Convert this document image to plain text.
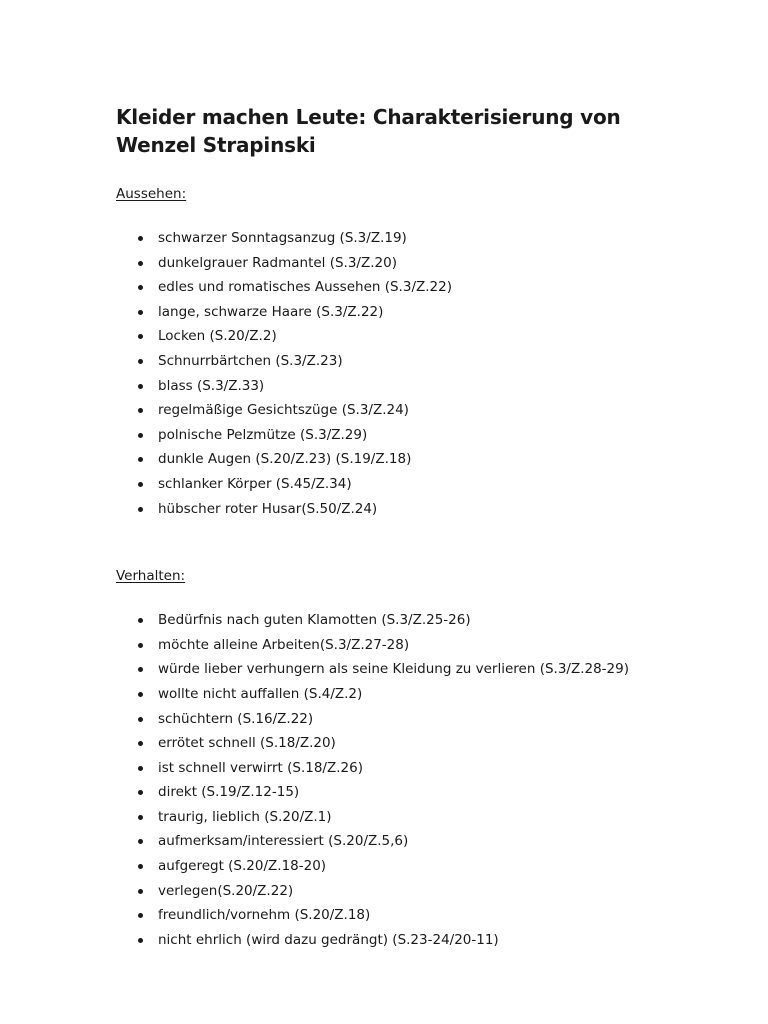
Kleider machen Leute: Charakterisierung von Wenzel Strapinski

Aussehen:

schwarzer Sonntagsanzug (S.3/Z.19)
dunkelgrauer Radmantel (S.3/Z.20)
edles und romatisches Aussehen (S.3/Z.22)
lange, schwarze Haare (S.3/Z.22)
Locken (S.20/Z.2)
Schnurrbärtchen (S.3/Z.23)
blass (S.3/Z.33)
regelmäßige Gesichtszüge (S.3/Z.24)
polnische Pelzmütze (S.3/Z.29)
dunkle Augen (S.20/Z.23) (S.19/Z.18)
schlanker Körper (S.45/Z.34)
hübscher roter Husar(S.50/Z.24)

Verhalten:

Bedürfnis nach guten Klamotten (S.3/Z.25-26)
möchte alleine Arbeiten(S.3/Z.27-28)
würde lieber verhungern als seine Kleidung zu verlieren (S.3/Z.28-29)
wollte nicht auffallen (S.4/Z.2)
schüchtern (S.16/Z.22)
errötet schnell (S.18/Z.20)
ist schnell verwirrt (S.18/Z.26)
direkt (S.19/Z.12-15)
traurig, lieblich (S.20/Z.1)
aufmerksam/interessiert (S.20/Z.5,6)
aufgeregt (S.20/Z.18-20)
verlegen(S.20/Z.22)
freundlich/vornehm (S.20/Z.18)
nicht ehrlich (wird dazu gedrängt) (S.23-24/20-11)
